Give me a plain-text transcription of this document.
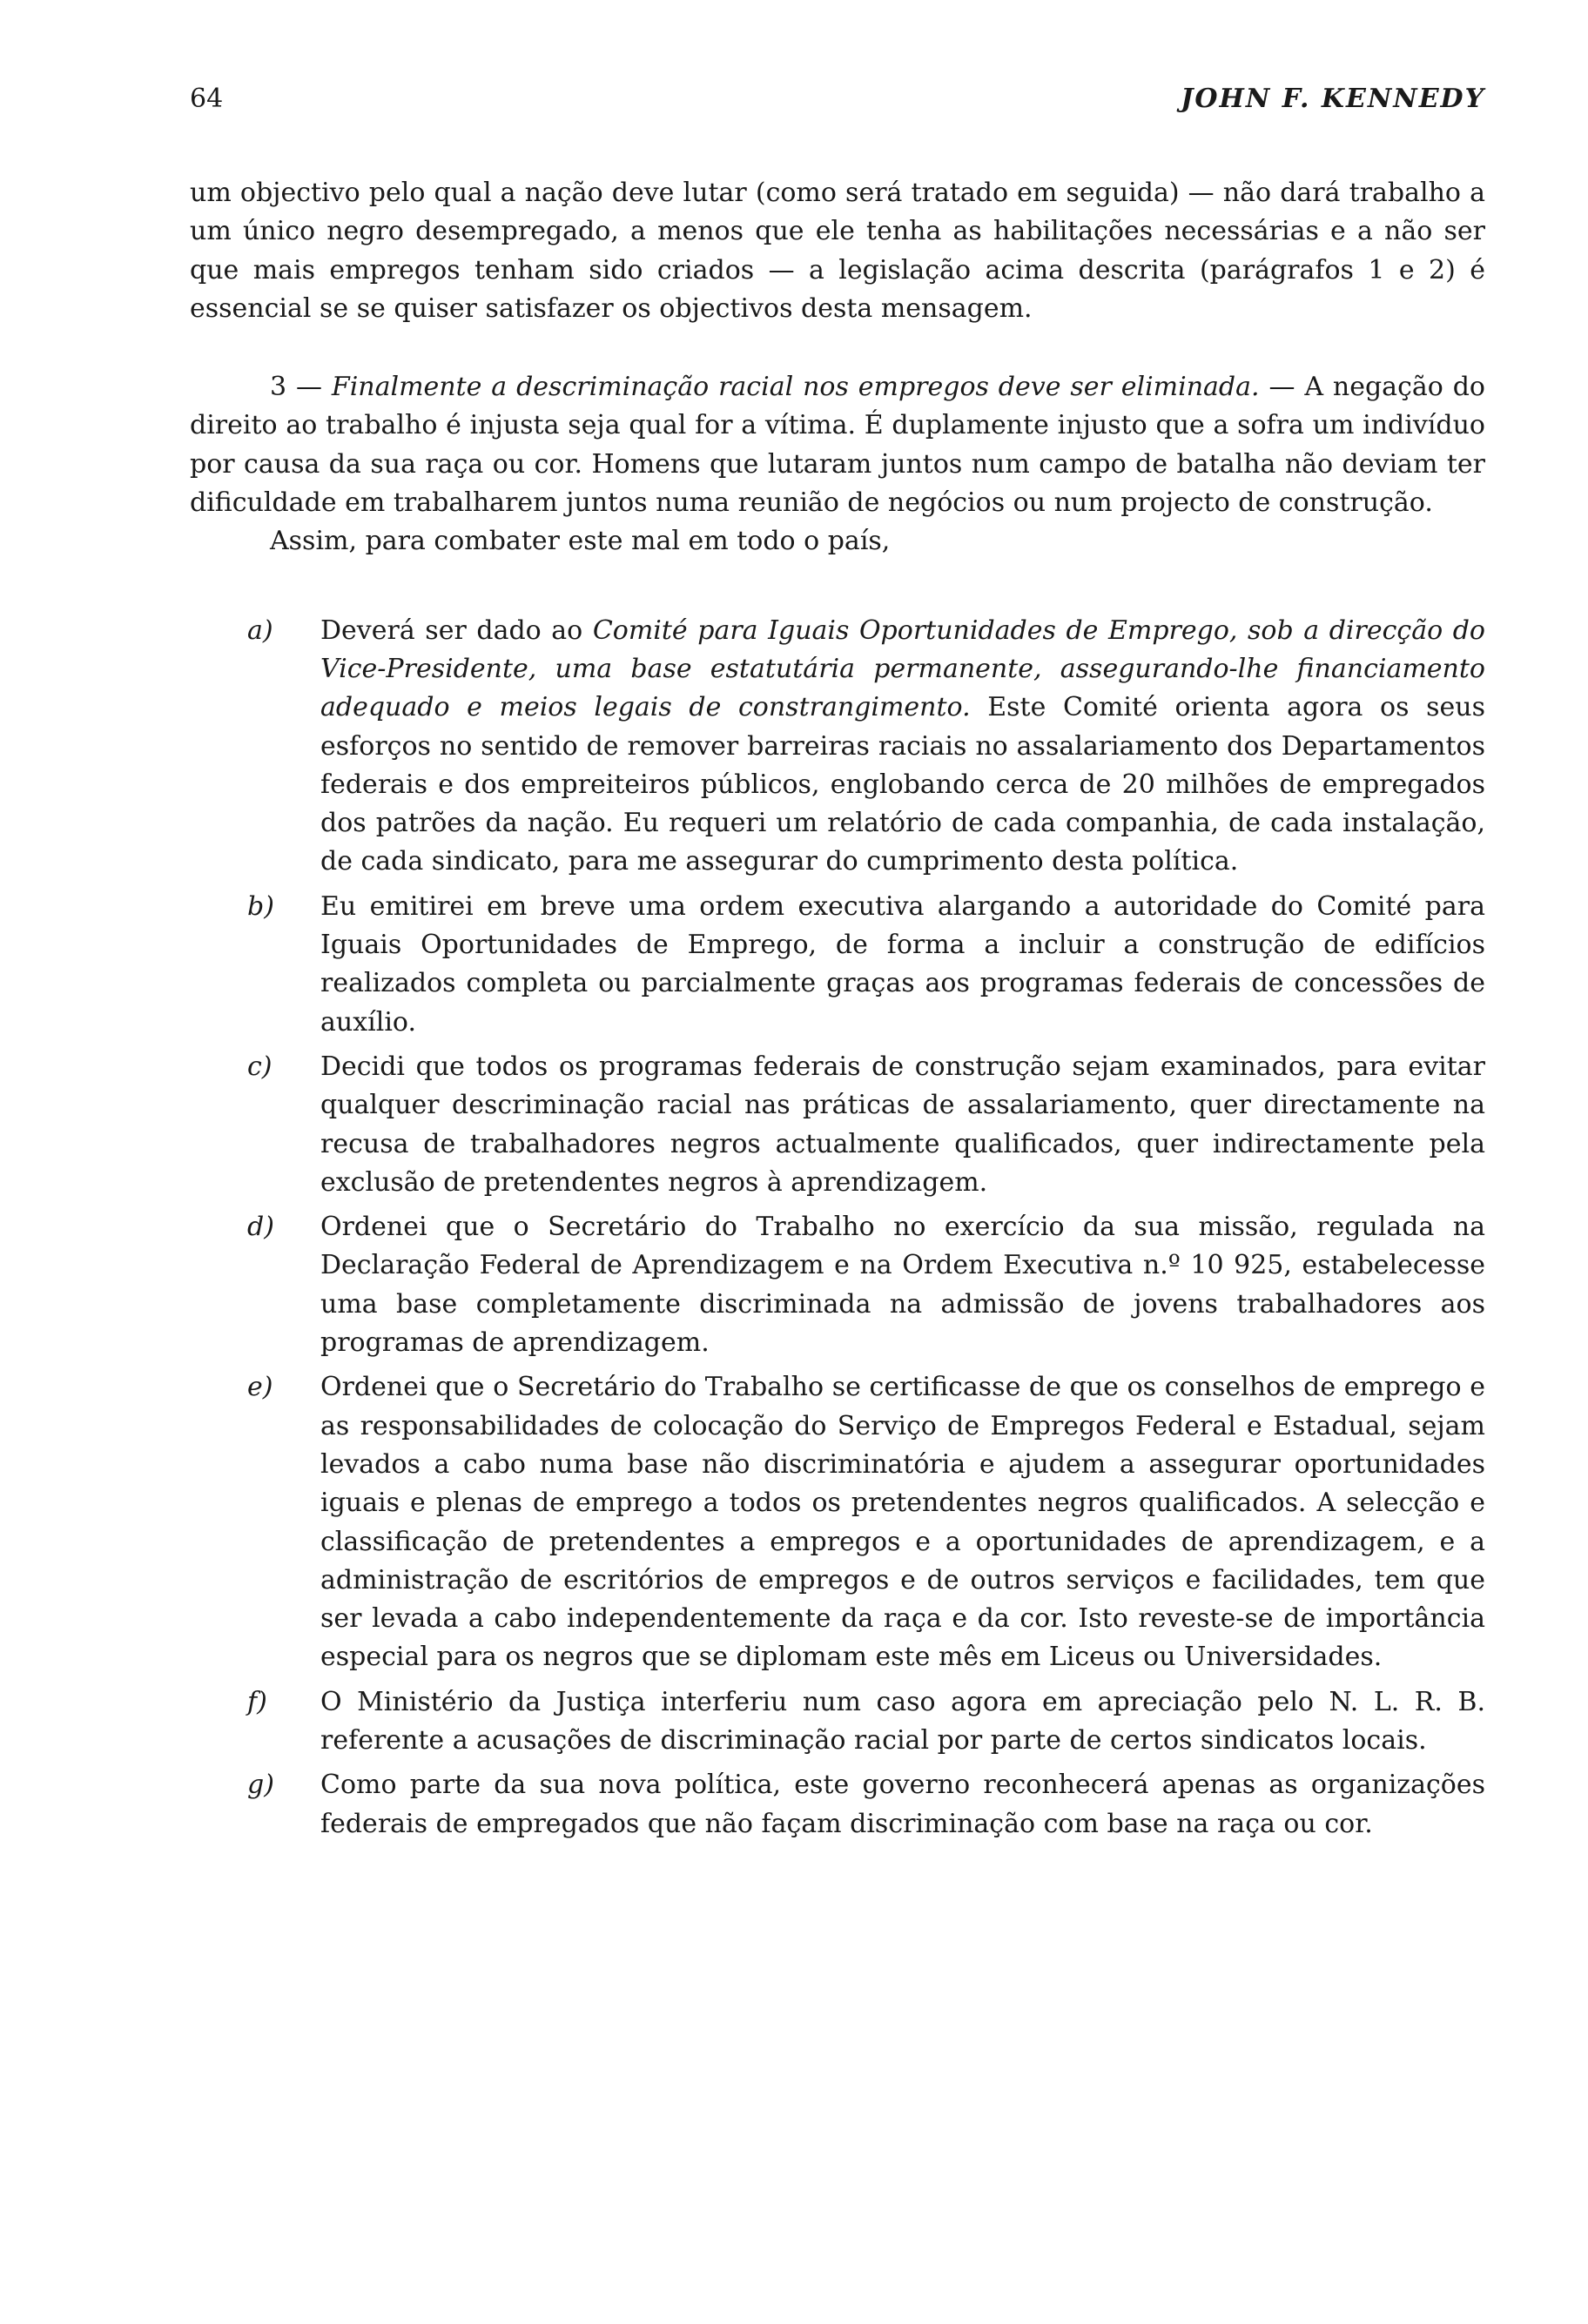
64	JOHN F. KENNEDY

um objectivo pelo qual a nação deve lutar (como será tratado em seguida) — não dará trabalho a um único negro desempregado, a menos que ele tenha as habilitações necessárias e a não ser que mais empregos tenham sido criados — a legislação acima descrita (parágrafos 1 e 2) é essencial se se quiser satisfazer os objectivos desta mensagem.

3 — Finalmente a descriminação racial nos empregos deve ser eliminada. — A negação do direito ao trabalho é injusta seja qual for a vítima. É duplamente injusto que a sofra um indivíduo por causa da sua raça ou cor. Homens que lutaram juntos num campo de batalha não deviam ter dificuldade em trabalharem juntos numa reunião de negócios ou num projecto de construção.

Assim, para combater este mal em todo o país,

a) Deverá ser dado ao Comité para Iguais Oportunidades de Emprego, sob a direcção do Vice-Presidente, uma base estatutária permanente, assegurando-lhe financiamento adequado e meios legais de constrangimento. Este Comité orienta agora os seus esforços no sentido de remover barreiras raciais no assalariamento dos Departamentos federais e dos empreiteiros públicos, englobando cerca de 20 milhões de empregados dos patrões da nação. Eu requeri um relatório de cada companhia, de cada instalação, de cada sindicato, para me assegurar do cumprimento desta política.
b) Eu emitirei em breve uma ordem executiva alargando a autoridade do Comité para Iguais Oportunidades de Emprego, de forma a incluir a construção de edifícios realizados completa ou parcialmente graças aos programas federais de concessões de auxílio.
c) Decidi que todos os programas federais de construção sejam examinados, para evitar qualquer descriminação racial nas práticas de assalariamento, quer directamente na recusa de trabalhadores negros actualmente qualificados, quer indirectamente pela exclusão de pretendentes negros à aprendizagem.
d) Ordenei que o Secretário do Trabalho no exercício da sua missão, regulada na Declaração Federal de Aprendizagem e na Ordem Executiva n.º 10 925, estabelecesse uma base completamente discriminada na admissão de jovens trabalhadores aos programas de aprendizagem.
e) Ordenei que o Secretário do Trabalho se certificasse de que os conselhos de emprego e as responsabilidades de colocação do Serviço de Empregos Federal e Estadual, sejam levados a cabo numa base não discriminatória e ajudem a assegurar oportunidades iguais e plenas de emprego a todos os pretendentes negros qualificados. A selecção e classificação de pretendentes a empregos e a oportunidades de aprendizagem, e a administração de escritórios de empregos e de outros serviços e facilidades, tem que ser levada a cabo independentemente da raça e da cor. Isto reveste-se de importância especial para os negros que se diplomam este mês em Liceus ou Universidades.
f) O Ministério da Justiça interferiu num caso agora em apreciação pelo N. L. R. B. referente a acusações de discriminação racial por parte de certos sindicatos locais.
g) Como parte da sua nova política, este governo reconhecerá apenas as organizações federais de empregados que não façam discriminação com base na raça ou cor.
